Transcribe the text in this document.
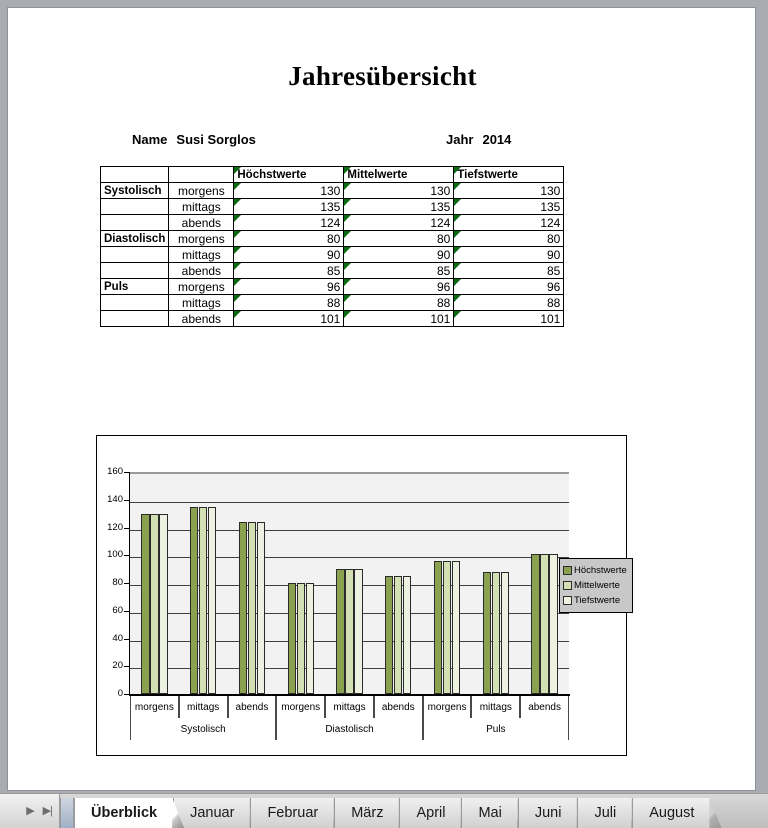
Jahresübersicht
Name Susi Sorglos	Jahr 2014
		Höchstwerte	Mittelwerte	Tiefstwerte
Systolisch	morgens	130	130	130
	mittags	135	135	135
	abends	124	124	124
Diastolisch	morgens	80	80	80
	mittags	90	90	90
	abends	85	85	85
Puls	morgens	96	96	96
	mittags	88	88	88
	abends	101	101	101
0
20
40
60
80
100
120
140
160
morgens	mittags	abends	morgens	mittags	abends	morgens	mittags	abends
Systolisch	Diastolisch	Puls
Höchstwerte
Mittelwerte
Tiefstwerte
▶ ▶|	Überblick	Januar	Februar	März	April	Mai	Juni	Juli	August
